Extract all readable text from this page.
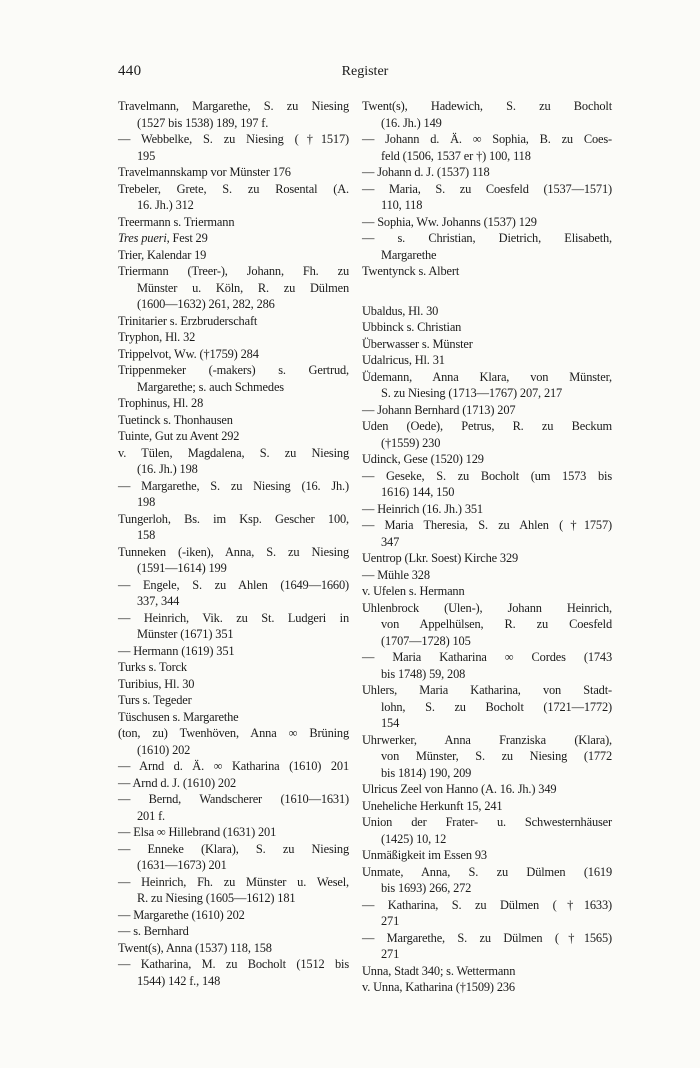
440	Register
Travelmann, Margarethe, S. zu Niesing
(1527 bis 1538) 189, 197 f.
— Webbelke, S. zu Niesing (†1517)
195
Travelmannskamp vor Münster 176
Trebeler, Grete, S. zu Rosental (A.
16. Jh.) 312
Treermann s. Triermann
Tres pueri, Fest 29
Trier, Kalendar 19
Triermann (Treer-), Johann, Fh. zu
Münster u. Köln, R. zu Dülmen
(1600—1632) 261, 282, 286
Trinitarier s. Erzbruderschaft
Tryphon, Hl. 32
Trippelvot, Ww. (†1759) 284
Trippenmeker (-makers) s. Gertrud,
Margarethe; s. auch Schmedes
Trophinus, Hl. 28
Tuetinck s. Thonhausen
Tuinte, Gut zu Avent 292
v. Tülen, Magdalena, S. zu Niesing
(16. Jh.) 198
— Margarethe, S. zu Niesing (16. Jh.)
198
Tungerloh, Bs. im Ksp. Gescher 100,
158
Tunneken (-iken), Anna, S. zu Niesing
(1591—1614) 199
— Engele, S. zu Ahlen (1649—1660)
337, 344
— Heinrich, Vik. zu St. Ludgeri in
Münster (1671) 351
— Hermann (1619) 351
Turks s. Torck
Turibius, Hl. 30
Turs s. Tegeder
Tüschusen s. Margarethe
(ton, zu) Twenhöven, Anna ∞ Brüning
(1610) 202
— Arnd d. Ä. ∞ Katharina (1610) 201
— Arnd d. J. (1610) 202
— Bernd, Wandscherer (1610—1631)
201 f.
— Elsa ∞ Hillebrand (1631) 201
— Enneke (Klara), S. zu Niesing
(1631—1673) 201
— Heinrich, Fh. zu Münster u. Wesel,
R. zu Niesing (1605—1612) 181
— Margarethe (1610) 202
— s. Bernhard
Twent(s), Anna (1537) 118, 158
— Katharina, M. zu Bocholt (1512 bis
1544) 142 f., 148
Twent(s), Hadewich, S. zu Bocholt
(16. Jh.) 149
— Johann d. Ä. ∞ Sophia, B. zu Coes-
feld (1506, 1537 er †) 100, 118
— Johann d. J. (1537) 118
— Maria, S. zu Coesfeld (1537—1571)
110, 118
— Sophia, Ww. Johanns (1537) 129
— s. Christian, Dietrich, Elisabeth,
Margarethe
Twentynck s. Albert
Ubaldus, Hl. 30
Ubbinck s. Christian
Überwasser s. Münster
Udalricus, Hl. 31
Üdemann, Anna Klara, von Münster,
S. zu Niesing (1713—1767) 207, 217
— Johann Bernhard (1713) 207
Uden (Oede), Petrus, R. zu Beckum
(†1559) 230
Udinck, Gese (1520) 129
— Geseke, S. zu Bocholt (um 1573 bis
1616) 144, 150
— Heinrich (16. Jh.) 351
— Maria Theresia, S. zu Ahlen (†1757)
347
Uentrop (Lkr. Soest) Kirche 329
— Mühle 328
v. Ufelen s. Hermann
Uhlenbrock (Ulen-), Johann Heinrich,
von Appelhülsen, R. zu Coesfeld
(1707—1728) 105
— Maria Katharina ∞ Cordes (1743
bis 1748) 59, 208
Uhlers, Maria Katharina, von Stadt-
lohn, S. zu Bocholt (1721—1772)
154
Uhrwerker, Anna Franziska (Klara),
von Münster, S. zu Niesing (1772
bis 1814) 190, 209
Ulricus Zeel von Hanno (A. 16. Jh.) 349
Uneheliche Herkunft 15, 241
Union der Frater- u. Schwesternhäuser
(1425) 10, 12
Unmäßigkeit im Essen 93
Unmate, Anna, S. zu Dülmen (1619
bis 1693) 266, 272
— Katharina, S. zu Dülmen (†1633)
271
— Margarethe, S. zu Dülmen (†1565)
271
Unna, Stadt 340; s. Wettermann
v. Unna, Katharina (†1509) 236
